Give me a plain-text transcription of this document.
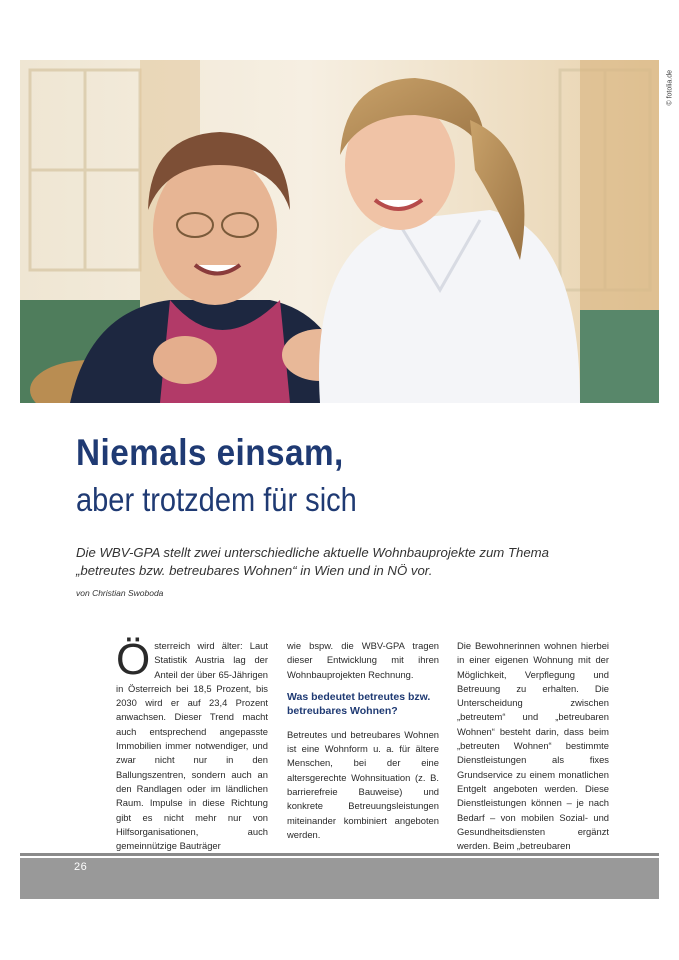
© fotolia.de
Niemals einsam,
aber trotzdem für sich

Die WBV-GPA stellt zwei unterschiedliche aktuelle Wohnbauprojekte zum Thema „betreutes bzw. betreubares Wohnen“ in Wien und in NÖ vor.

von Christian Swoboda

Österreich wird älter: Laut Statistik Austria lag der Anteil der über 65-Jährigen in Österreich bei 18,5 Prozent, bis 2030 wird er auf 23,4 Prozent anwachsen. Dieser Trend macht auch entsprechend angepasste Immobilien immer notwendiger, und zwar nicht nur in den Ballungszentren, sondern auch an den Randlagen oder im ländlichen Raum. Impulse in diese Richtung gibt es nicht mehr nur von Hilfsorganisationen, auch gemeinnützige Bauträger

wie bspw. die WBV-GPA tragen dieser Entwicklung mit ihren Wohnbauprojekten Rechnung.

Was bedeutet betreutes bzw. betreubares Wohnen?

Betreutes und betreubares Wohnen ist eine Wohnform u. a. für ältere Menschen, bei der eine altersgerechte Wohnsituation (z. B. barrierefreie Bauweise) und konkrete Betreuungsleistungen miteinander kombiniert angeboten werden.

Die Bewohnerinnen wohnen hierbei in einer eigenen Wohnung mit der Möglichkeit, Verpflegung und Betreuung zu erhalten. Die Unterscheidung zwischen „betreutem“ und „betreubaren Wohnen“ besteht darin, dass beim „betreuten Wohnen“ bestimmte Dienstleistungen als fixes Grundservice zu einem monatlichen Entgelt angeboten werden. Diese Dienstleistungen können – je nach Bedarf – von mobilen Sozial- und Gesundheitsdiensten ergänzt werden. Beim „betreubaren

26
